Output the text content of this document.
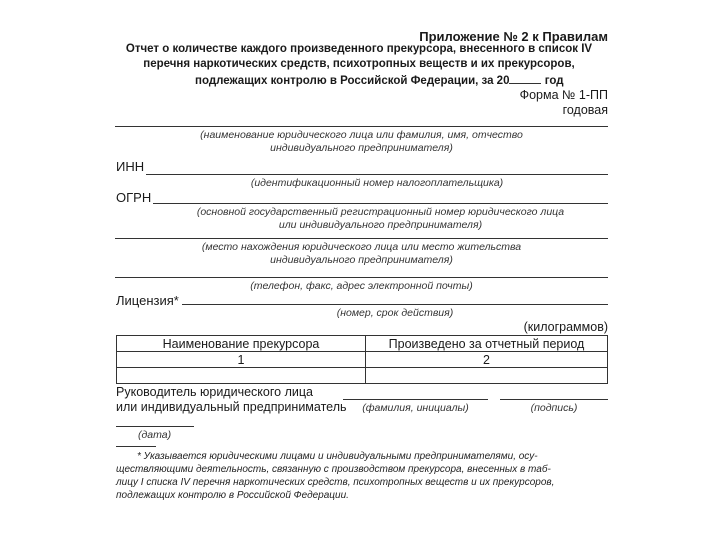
Приложение № 2 к Правилам
Отчет о количестве каждого произведенного прекурсора, внесенного в список IV
перечня наркотических средств, психотропных веществ и их прекурсоров,
подлежащих контролю в Российской Федерации, за 20	год
Форма № 1-ПП
годовая
(наименование юридического лица или фамилия, имя, отчество
индивидуального предпринимателя)
ИНН
(идентификационный номер налогоплательщика)
ОГРН
(основной государственный регистрационный номер юридического лица
или индивидуального предпринимателя)
(место нахождения юридического лица или место жительства
индивидуального предпринимателя)
(телефон, факс, адрес электронной почты)
Лицензия*
(номер, срок действия)
(килограммов)
Наименование прекурсора	Произведено за отчетный период
1	2

Руководитель юридического лица
или индивидуальный предприниматель	(фамилия, инициалы)	(подпись)
(дата)
* Указывается юридическими лицами и индивидуальными предпринимателями, осу-
ществляющими деятельность, связанную с производством прекурсора, внесенных в таб-
лицу I списка IV перечня наркотических средств, психотропных веществ и их прекурсоров,
подлежащих контролю в Российской Федерации.
